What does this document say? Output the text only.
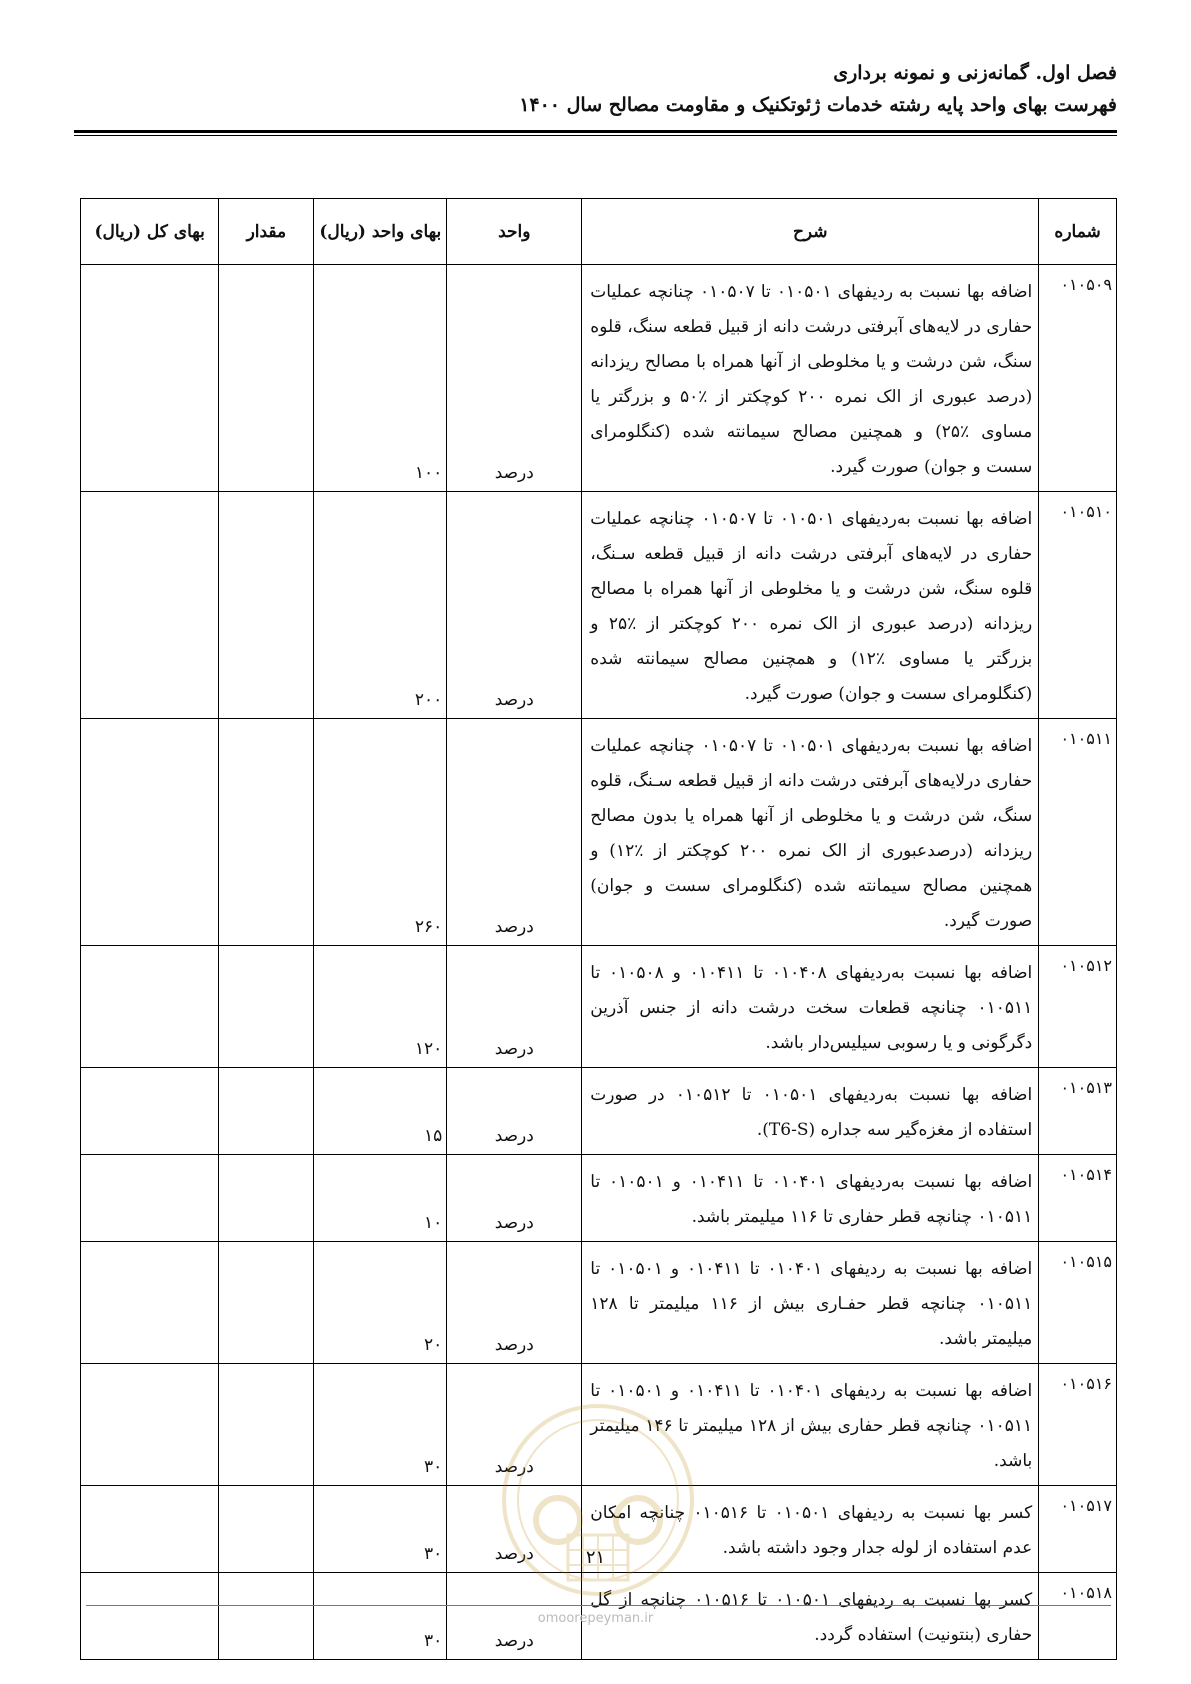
فصل اول. گمانه‌زنی و نمونه برداری
فهرست بهای واحد پایه رشته خدمات ژئوتکنیک و مقاومت مصالح سال ۱۴۰۰
شماره	شرح	واحد	بهای واحد (ریال)	مقدار	بهای کل (ریال)
۰۱۰۵۰۹	اضافه بها نسبت به ردیفهای ۰۱۰۵۰۱ تا ۰۱۰۵۰۷ چنانچه عملیات حفاری در لایه‌های آبرفتی درشت دانه از قبیل قطعه سنگ، قلوه سنگ، شن درشت و یا مخلوطی از آنها همراه با مصالح ریزدانه (درصد عبوری از الک نمره ۲۰۰ کوچکتر از ٪۵۰ و بزرگتر یا مساوی ٪۲۵) و همچنین مصالح سیمانته شده (کنگلومرای سست و جوان) صورت گیرد.	درصد	۱۰۰		
۰۱۰۵۱۰	اضافه بها نسبت به‌ردیفهای ۰۱۰۵۰۱ تا ۰۱۰۵۰۷ چنانچه عملیات حفاری در لایه‌های آبرفتی درشت دانه از قبیل قطعه سـنگ، قلوه سنگ، شن درشت و یا مخلوطی از آنها همراه با مصالح ریزدانه (درصد عبوری از الک نمره ۲۰۰ کوچکتر از ٪۲۵ و بزرگتر یا مساوی ٪۱۲) و همچنین مصالح سیمانته شده (کنگلومرای سست و جوان) صورت گیرد.	درصد	۲۰۰		
۰۱۰۵۱۱	اضافه بها نسبت به‌ردیفهای ۰۱۰۵۰۱ تا ۰۱۰۵۰۷ چنانچه عملیات حفاری درلایه‌های آبرفتی درشت دانه از قبیل قطعه سـنگ، قلوه سنگ، شن درشت و یا مخلوطی از آنها همراه یا بدون مصالح ریزدانه (درصدعبوری از الک نمره ۲۰۰ کوچکتر از ٪۱۲) و همچنین مصالح سیمانته شده (کنگلومرای سست و جوان) صورت گیرد.	درصد	۲۶۰		
۰۱۰۵۱۲	اضافه بها نسبت به‌ردیفهای ۰۱۰۴۰۸ تا ۰۱۰۴۱۱ و ۰۱۰۵۰۸ تا ۰۱۰۵۱۱ چنانچه قطعات سخت درشت دانه از جنس آذرین دگرگونی و یا رسوبی سیلیس‌دار باشد.	درصد	۱۲۰		
۰۱۰۵۱۳	اضافه بها نسبت به‌ردیفهای ۰۱۰۵۰۱ تا ۰۱۰۵۱۲ در صورت استفاده از مغزه‌گیر سه جداره (T6-S).	درصد	۱۵		
۰۱۰۵۱۴	اضافه بها نسبت به‌ردیفهای ۰۱۰۴۰۱ تا ۰۱۰۴۱۱ و ۰۱۰۵۰۱ تا ۰۱۰۵۱۱ چنانچه قطر حفاری تا ۱۱۶ میلیمتر باشد.	درصد	۱۰		
۰۱۰۵۱۵	اضافه بها نسبت به ردیفهای ۰۱۰۴۰۱ تا ۰۱۰۴۱۱ و ۰۱۰۵۰۱ تا ۰۱۰۵۱۱ چنانچه قطر حفـاری بیش از ۱۱۶ میلیمتر تا ۱۲۸ میلیمتر باشد.	درصد	۲۰		
۰۱۰۵۱۶	اضافه بها نسبت به ردیفهای ۰۱۰۴۰۱ تا ۰۱۰۴۱۱ و ۰۱۰۵۰۱ تا ۰۱۰۵۱۱ چنانچه قطر حفاری بیش از ۱۲۸ میلیمتر تا ۱۴۶ میلیمتر باشد.	درصد	۳۰		
۰۱۰۵۱۷	کسر بها نسبت به ردیفهای ۰۱۰۵۰۱ تا ۰۱۰۵۱۶ چنانچه امکان عدم استفاده از لوله جدار وجود داشته باشد.	درصد	۳۰		
۰۱۰۵۱۸	کسر بها نسبت به ردیفهای ۰۱۰۵۰۱ تا ۰۱۰۵۱۶ چنانچه از گل حفاری (بنتونیت) استفاده گردد.	درصد	۳۰		
۲۱
omoorepeyman.ir
